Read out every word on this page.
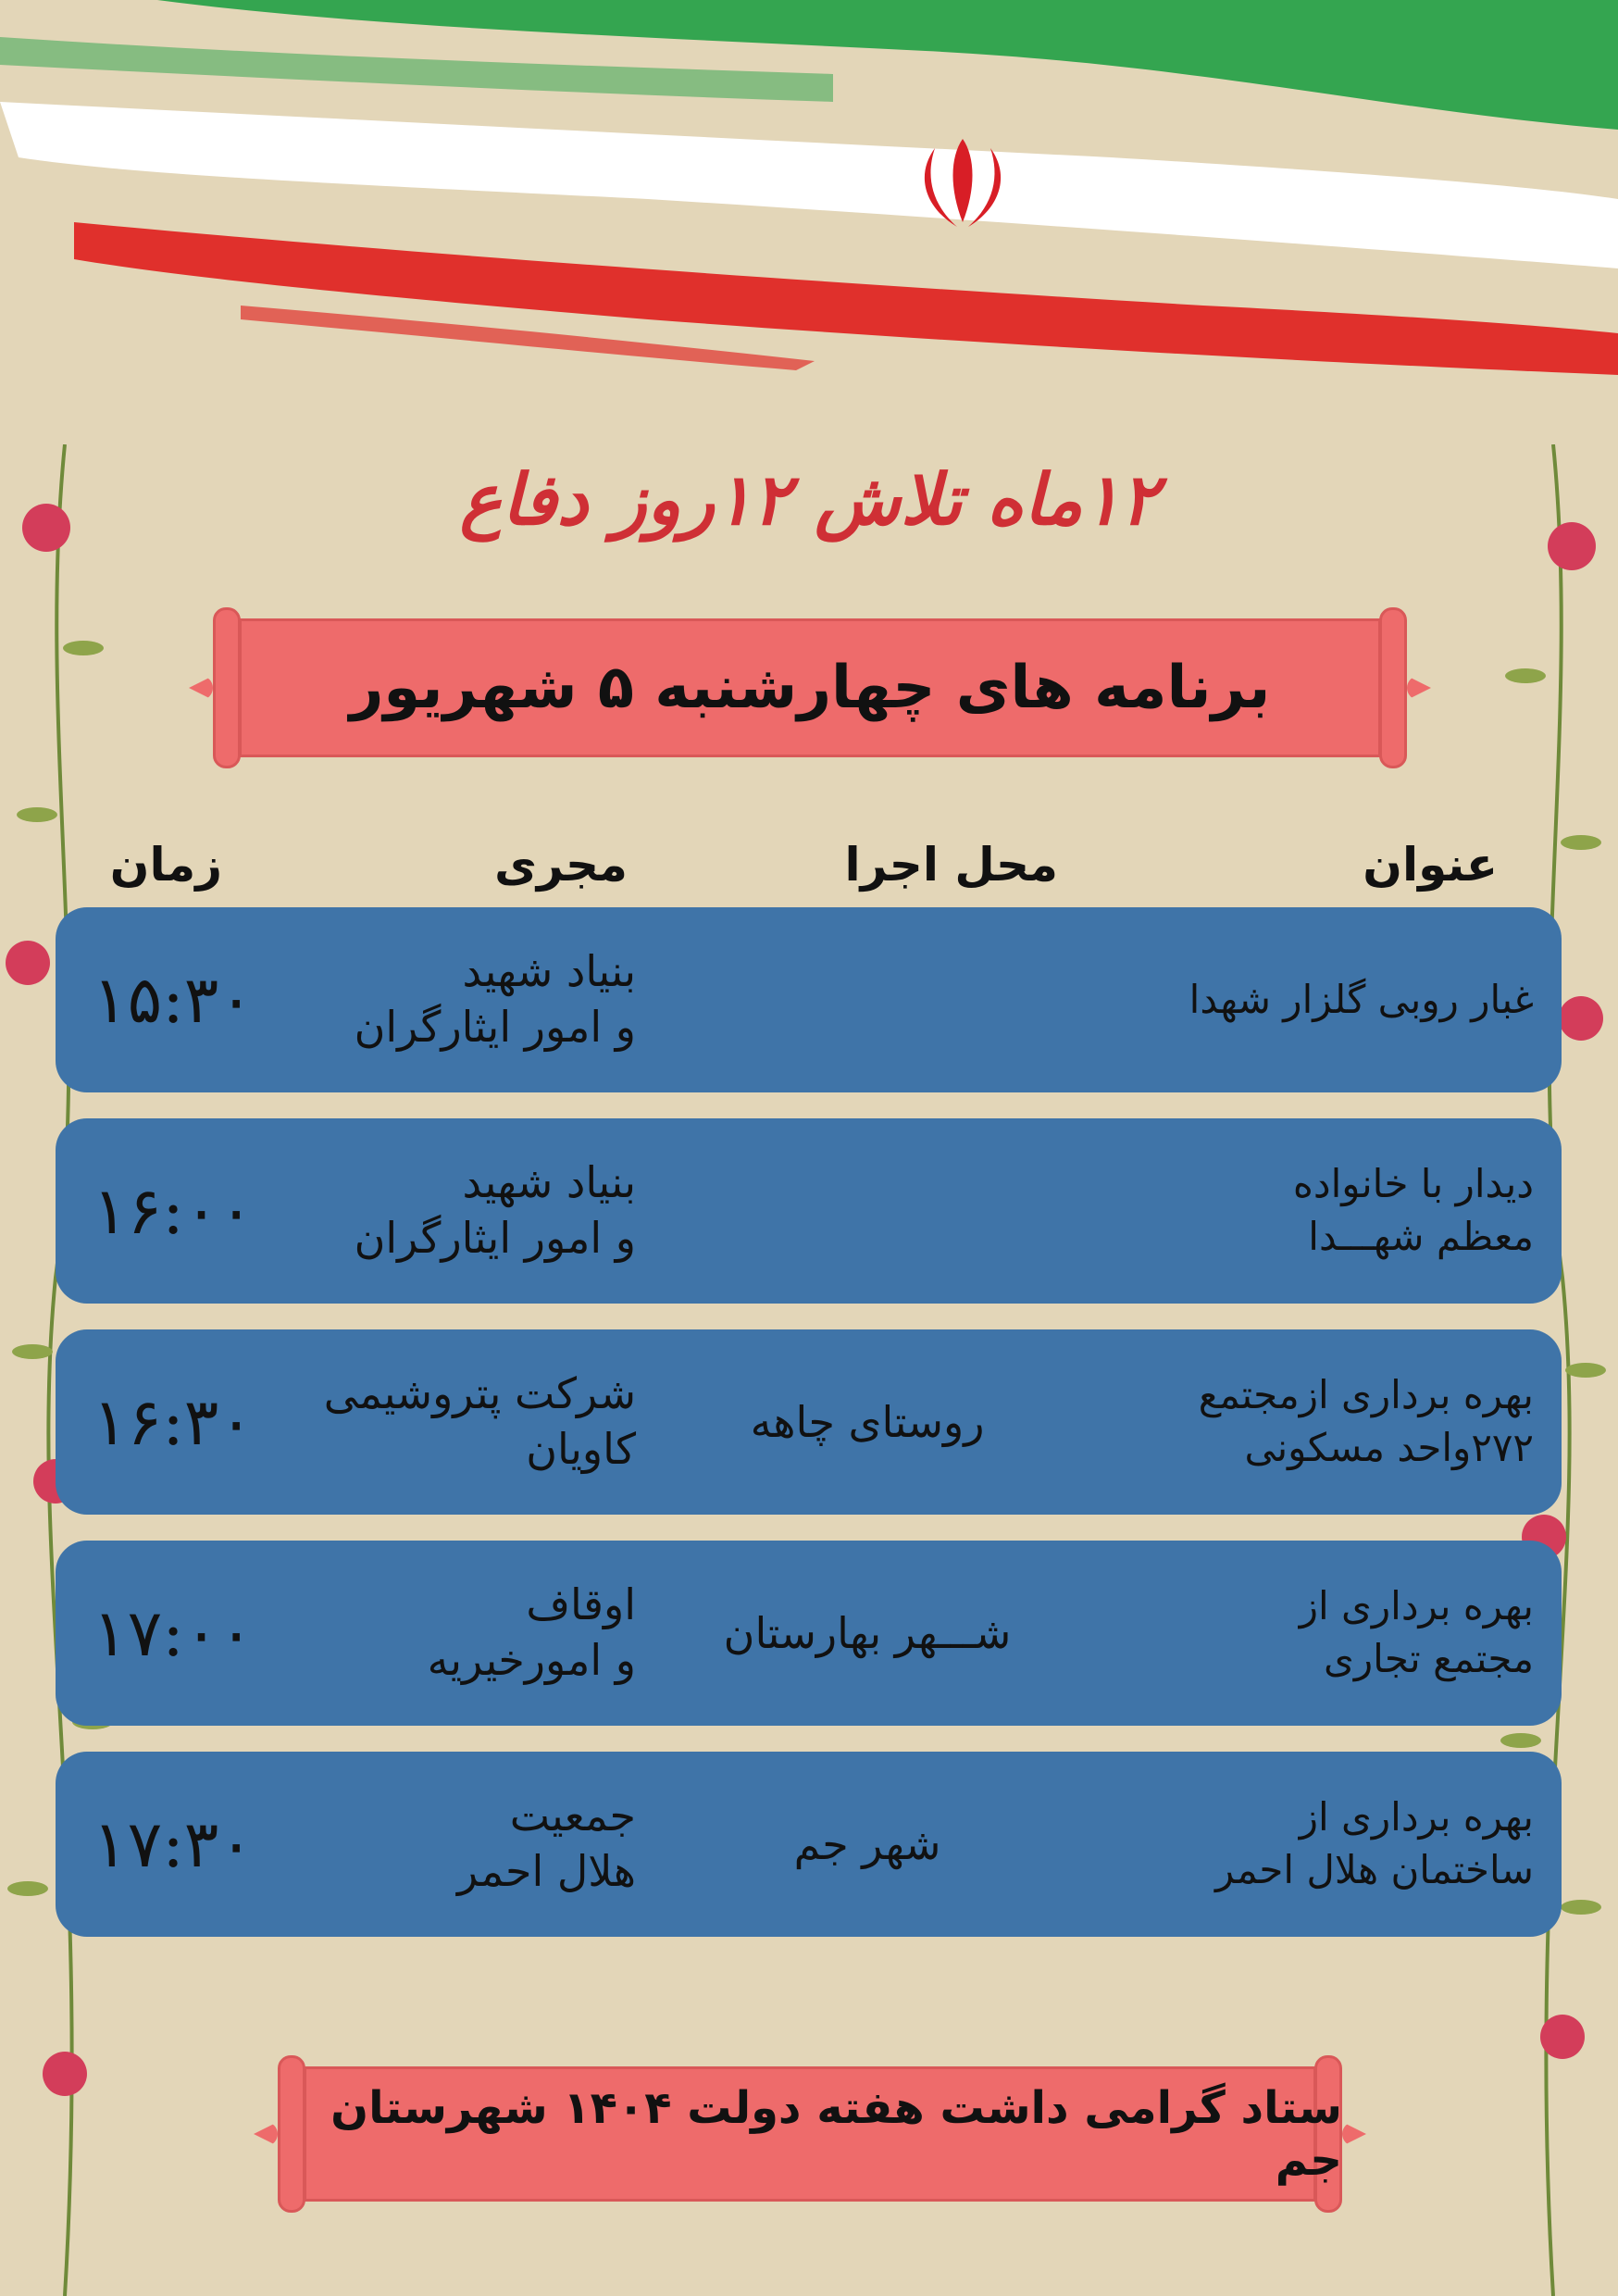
۱۲ماه تلاش ۱۲روز دفاع
برنامه های چهارشنبه ۵ شهریور
عنوان
محل اجرا
مجری
زمان
غبار روبی گلزار شهدا
بنیاد شهید
و امور ایثارگران
۱۵:۳۰
دیدار با خانواده
معظم شهـــدا
بنیاد شهید
و امور ایثارگران
۱۶:۰۰
بهره برداری ازمجتمع
۲۷۲واحد مسکونی
روستای چاهه
شرکت پتروشیمی
کاویان
۱۶:۳۰
بهره برداری از
مجتمع تجاری
شـــهر بهارستان
اوقاف
و امورخیریه
۱۷:۰۰
بهره برداری از
ساختمان هلال احمر
شهر جم
جمعیت
هلال احمر
۱۷:۳۰
ستاد گرامی داشت هفته دولت ۱۴۰۴ شهرستان جم
